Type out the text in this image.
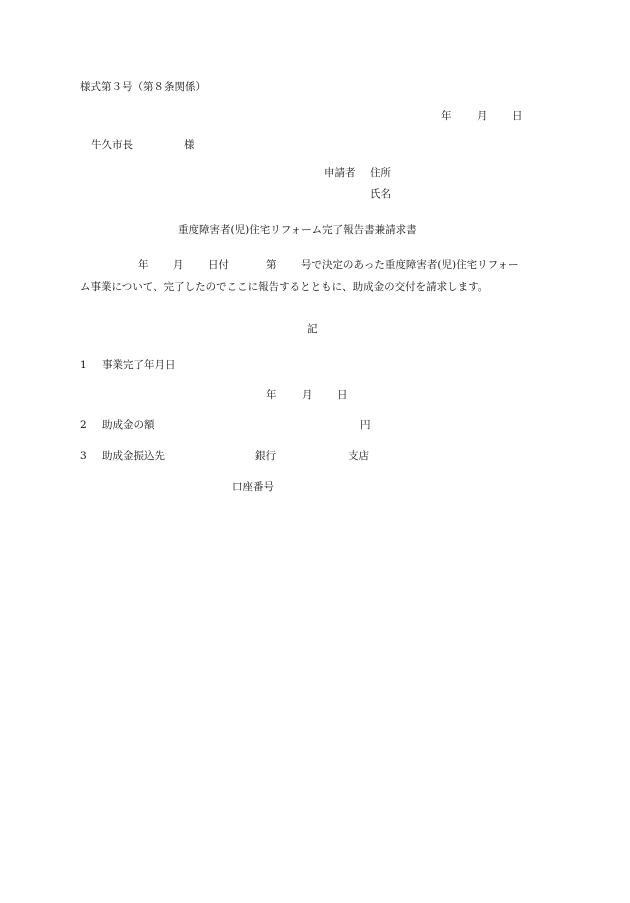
様式第３号（第８条関係）
年 月 日
牛久市長	様
申請者 住所
氏名
重度障害者(児)住宅リフォーム完了報告書兼請求書
年 月 日付	第 号で決定のあった重度障害者(児)住宅リフォー
ム事業について、完了したのでここに報告するとともに、助成金の交付を請求します。
記
1 事業完了年月日
年 月 日
2 助成金の額	円
3 助成金振込先	銀行	支店
口座番号
